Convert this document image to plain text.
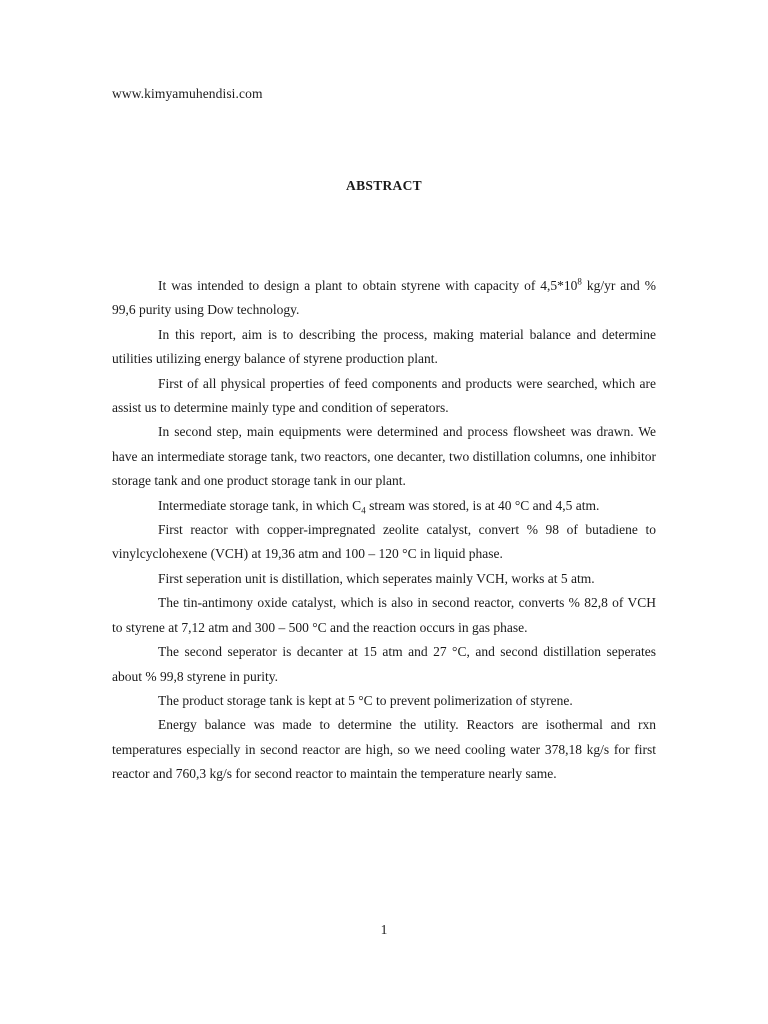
www.kimyamuhendisi.com
ABSTRACT

It was intended to design a plant to obtain styrene with capacity of $4,5*10^8$ kg/yr and % 99,6 purity using Dow technology.

In this report, aim is to describing the process, making material balance and determine utilities utilizing energy balance of styrene production plant.

First of all physical properties of feed components and products were searched, which are assist us to determine mainly type and condition of seperators.

In second step, main equipments were determined and process flowsheet was drawn. We have an intermediate storage tank, two reactors, one decanter, two distillation columns, one inhibitor storage tank and one product storage tank in our plant.

Intermediate storage tank, in which $C_4$ stream was stored, is at 40 °C and 4,5 atm.

First reactor with copper-impregnated zeolite catalyst, convert % 98 of butadiene to vinylcyclohexene (VCH) at 19,36 atm and 100 – 120 °C in liquid phase.

First seperation unit is distillation, which seperates mainly VCH, works at 5 atm.

The tin-antimony oxide catalyst, which is also in second reactor, converts % 82,8 of VCH to styrene at 7,12 atm and 300 – 500 °C and the reaction occurs in gas phase.

The second seperator is decanter at 15 atm and 27 °C, and second distillation seperates about % 99,8 styrene in purity.

The product storage tank is kept at 5 °C to prevent polimerization of styrene.

Energy balance was made to determine the utility. Reactors are isothermal and rxn temperatures especially in second reactor are high, so we need cooling water 378,18 kg/s for first reactor and 760,3 kg/s for second reactor to maintain the temperature nearly same.

1
